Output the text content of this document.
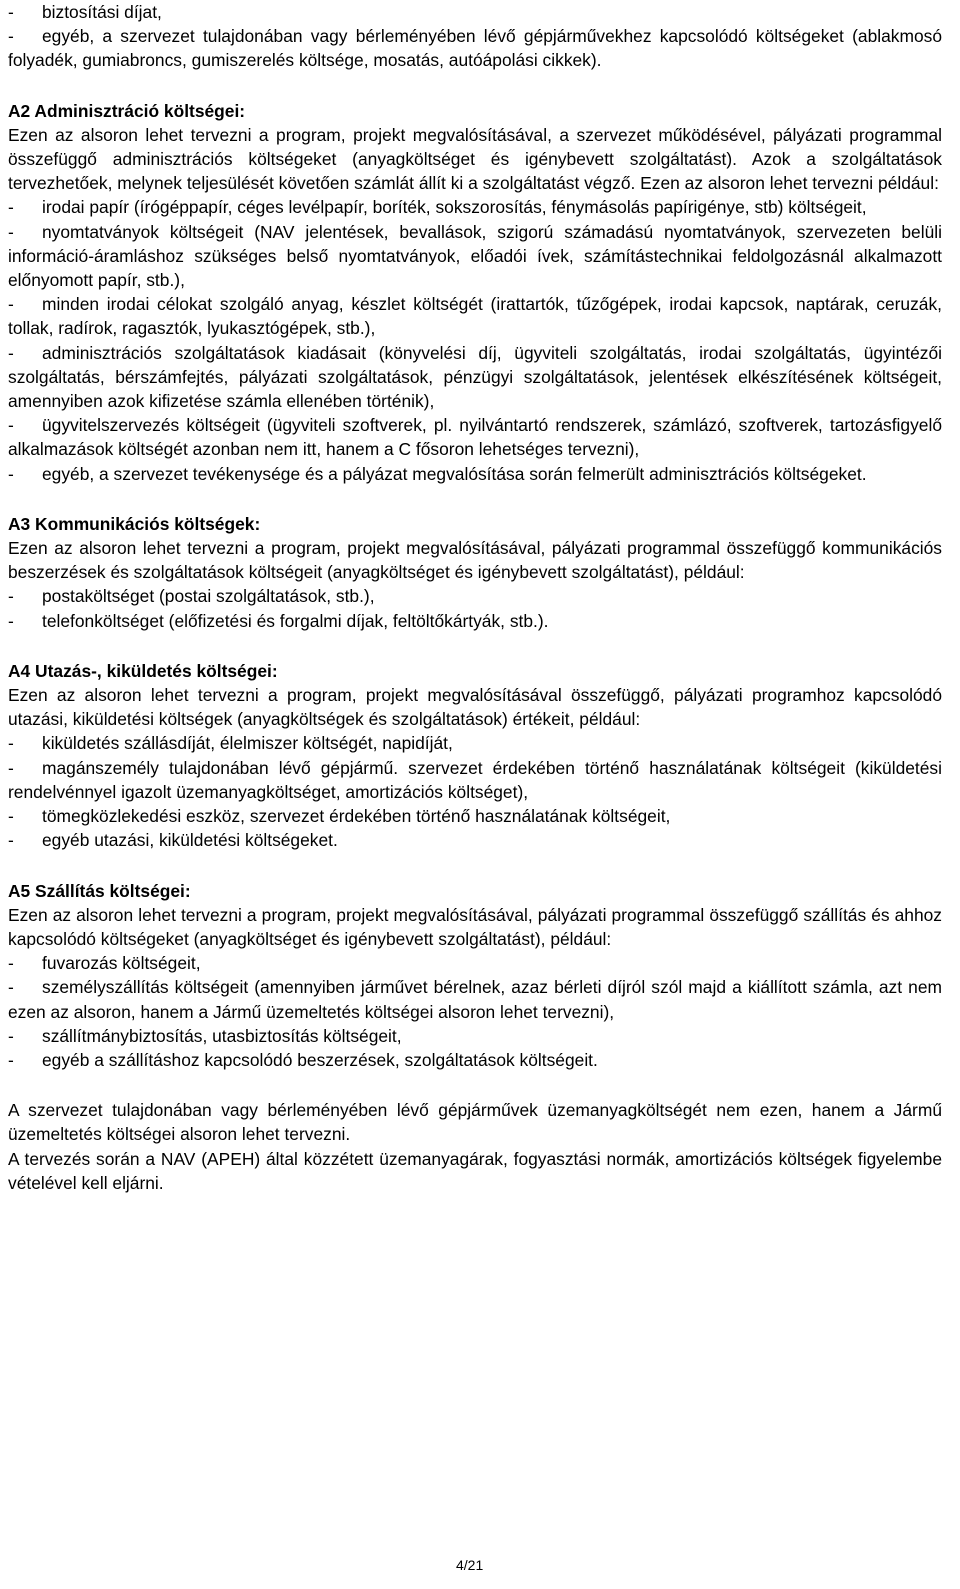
- biztosítási díjat,

- egyéb, a szervezet tulajdonában vagy bérleményében lévő gépjárművekhez kapcsolódó költségeket (ablakmosó folyadék, gumiabroncs, gumiszerelés költsége, mosatás, autóápolási cikkek).

A2 Adminisztráció költségei:

Ezen az alsoron lehet tervezni a program, projekt megvalósításával, a szervezet működésével, pályázati programmal összefüggő adminisztrációs költségeket (anyagköltséget és igénybevett szolgáltatást). Azok a szolgáltatások tervezhetőek, melynek teljesülését követően számlát állít ki a szolgáltatást végző. Ezen az alsoron lehet tervezni például:

- irodai papír (írógéppapír, céges levélpapír, boríték, sokszorosítás, fénymásolás papírigénye, stb) költségeit,

- nyomtatványok költségeit (NAV jelentések, bevallások, szigorú számadású nyomtatványok, szervezeten belüli információ-áramláshoz szükséges belső nyomtatványok, előadói ívek, számítástechnikai feldolgozásnál alkalmazott előnyomott papír, stb.),

- minden irodai célokat szolgáló anyag, készlet költségét (irattartók, tűzőgépek, irodai kapcsok, naptárak, ceruzák, tollak, radírok, ragasztók, lyukasztógépek, stb.),

- adminisztrációs szolgáltatások kiadásait (könyvelési díj, ügyviteli szolgáltatás, irodai szolgáltatás, ügyintézői szolgáltatás, bérszámfejtés, pályázati szolgáltatások, pénzügyi szolgáltatások, jelentések elkészítésének költségeit, amennyiben azok kifizetése számla ellenében történik),

- ügyvitelszervezés költségeit (ügyviteli szoftverek, pl. nyilvántartó rendszerek, számlázó, szoftverek, tartozásfigyelő alkalmazások költségét azonban nem itt, hanem a C fősoron lehetséges tervezni),

- egyéb, a szervezet tevékenysége és a pályázat megvalósítása során felmerült adminisztrációs költségeket.

A3 Kommunikációs költségek:

Ezen az alsoron lehet tervezni a program, projekt megvalósításával, pályázati programmal összefüggő kommunikációs beszerzések és szolgáltatások költségeit (anyagköltséget és igénybevett szolgáltatást), például:

- postaköltséget (postai szolgáltatások, stb.),

- telefonköltséget (előfizetési és forgalmi díjak, feltöltőkártyák, stb.).

A4 Utazás-, kiküldetés költségei:

Ezen az alsoron lehet tervezni a program, projekt megvalósításával összefüggő, pályázati programhoz kapcsolódó utazási, kiküldetési költségek (anyagköltségek és szolgáltatások) értékeit, például:

- kiküldetés szállásdíját, élelmiszer költségét, napidíját,

- magánszemély tulajdonában lévő gépjármű. szervezet érdekében történő használatának költségeit (kiküldetési rendelvénnyel igazolt üzemanyagköltséget, amortizációs költséget),

- tömegközlekedési eszköz, szervezet érdekében történő használatának költségeit,

- egyéb utazási, kiküldetési költségeket.

A5 Szállítás költségei:

Ezen az alsoron lehet tervezni a program, projekt megvalósításával, pályázati programmal összefüggő szállítás és ahhoz kapcsolódó költségeket (anyagköltséget és igénybevett szolgáltatást), például:

- fuvarozás költségeit,

- személyszállítás költségeit (amennyiben járművet bérelnek, azaz bérleti díjról szól majd a kiállított számla, azt nem ezen az alsoron, hanem a Jármű üzemeltetés költségei alsoron lehet tervezni),

- szállítmánybiztosítás, utasbiztosítás költségeit,

- egyéb a szállításhoz kapcsolódó beszerzések, szolgáltatások költségeit.

A szervezet tulajdonában vagy bérleményében lévő gépjárművek üzemanyagköltségét nem ezen, hanem a Jármű üzemeltetés költségei alsoron lehet tervezni.

A tervezés során a NAV (APEH) által közzétett üzemanyagárak, fogyasztási normák, amortizációs költségek figyelembe vételével kell eljárni.

4/21
